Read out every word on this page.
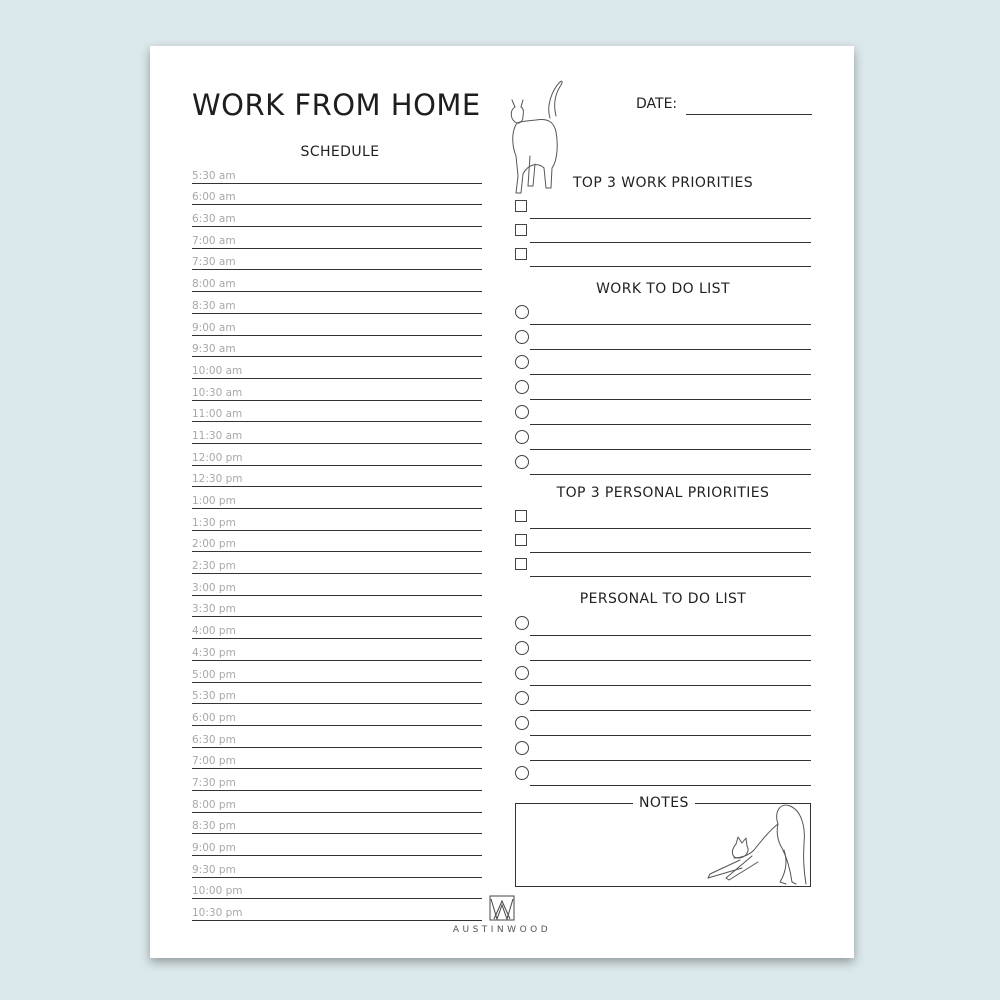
WORK FROM HOME	DATE:
SCHEDULE
5:30 am
6:00 am
6:30 am
7:00 am
7:30 am
8:00 am
8:30 am
9:00 am
9:30 am
10:00 am
10:30 am
11:00 am
11:30 am
12:00 pm
12:30 pm
1:00 pm
1:30 pm
2:00 pm
2:30 pm
3:00 pm
3:30 pm
4:00 pm
4:30 pm
5:00 pm
5:30 pm
6:00 pm
6:30 pm
7:00 pm
7:30 pm
8:00 pm
8:30 pm
9:00 pm
9:30 pm
10:00 pm
10:30 pm
TOP 3 WORK PRIORITIES
WORK TO DO LIST
TOP 3 PERSONAL PRIORITIES
PERSONAL TO DO LIST
NOTES
AUSTINWOOD
